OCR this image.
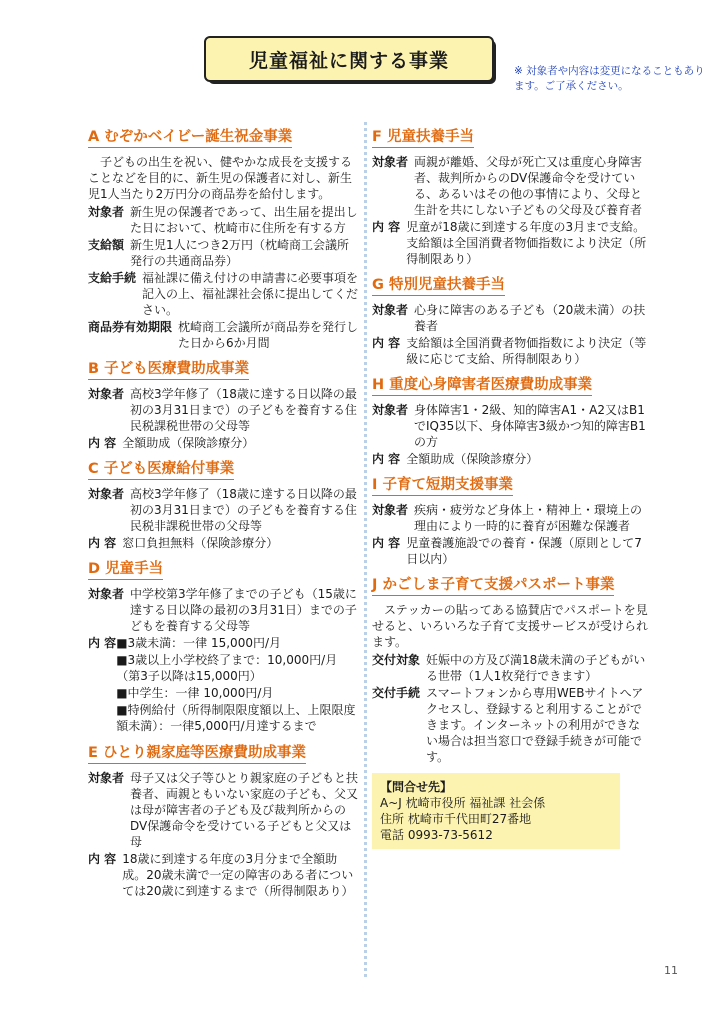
児童福祉に関する事業	※ 対象者や内容は変更になることもあります。ご了承ください。
A むぞかベイビー誕生祝金事業

子どもの出生を祝い、健やかな成長を支援することなどを目的に、新生児の保護者に対し、新生児1人当たり2万円分の商品券を給付します。

対象者 新生児の保護者であって、出生届を提出した日において、枕崎市に住所を有する方
支給額 新生児1人につき2万円（枕崎商工会議所発行の共通商品券）
支給手続 福祉課に備え付けの申請書に必要事項を記入の上、福祉課社会係に提出してください。
商品券有効期限 枕崎商工会議所が商品券を発行した日から6か月間
B 子ども医療費助成事業
対象者 高校3学年修了（18歳に達する日以降の最初の3月31日まで）の子どもを養育する住民税課税世帯の父母等
内 容 全額助成（保険診療分）
C 子ども医療給付事業
対象者 高校3学年修了（18歳に達する日以降の最初の3月31日まで）の子どもを養育する住民税非課税世帯の父母等
内 容 窓口負担無料（保険診療分）
D 児童手当
対象者 中学校第3学年修了までの子ども（15歳に達する日以降の最初の3月31日）までの子どもを養育する父母等
内 容 ■3歳未満：一律 15,000円/月
■3歳以上小学校終了まで：10,000円/月（第3子以降は15,000円）
■中学生：一律 10,000円/月
■特例給付（所得制限限度額以上、上限限度額未満）：一律5,000円/月達するまで
E ひとり親家庭等医療費助成事業
対象者 母子又は父子等ひとり親家庭の子どもと扶養者、両親ともいない家庭の子ども、父又は母が障害者の子ども及び裁判所からのDV保護命令を受けている子どもと父又は母
内 容 18歳に到達する年度の3月分まで全額助成。20歳未満で一定の障害のある者については20歳に到達するまで（所得制限あり）
F 児童扶養手当
対象者 両親が離婚、父母が死亡又は重度心身障害者、裁判所からのDV保護命令を受けている、あるいはその他の事情により、父母と生計を共にしない子どもの父母及び養育者
内 容 児童が18歳に到達する年度の3月まで支給。支給額は全国消費者物価指数により決定（所得制限あり）
G 特別児童扶養手当
対象者 心身に障害のある子ども（20歳未満）の扶養者
内 容 支給額は全国消費者物価指数により決定（等級に応じて支給、所得制限あり）
H 重度心身障害者医療費助成事業
対象者 身体障害1・2級、知的障害A1・A2又はB1でIQ35以下、身体障害3級かつ知的障害B1の方
内 容 全額助成（保険診療分）
I 子育て短期支援事業
対象者 疾病・疲労など身体上・精神上・環境上の理由により一時的に養育が困難な保護者
内 容 児童養護施設での養育・保護（原則として7日以内）
J かごしま子育て支援パスポート事業

ステッカーの貼ってある協賛店でパスポートを見せると、いろいろな子育て支援サービスが受けられます。

交付対象 妊娠中の方及び満18歳未満の子どもがいる世帯（1人1枚発行できます）
交付手続 スマートフォンから専用WEBサイトへアクセスし、登録すると利用することができます。インターネットの利用ができない場合は担当窓口で登録手続きが可能です。
【問合せ先】
A~J 枕崎市役所 福祉課 社会係
住所 枕崎市千代田町27番地
電話 0993-73-5612
11
